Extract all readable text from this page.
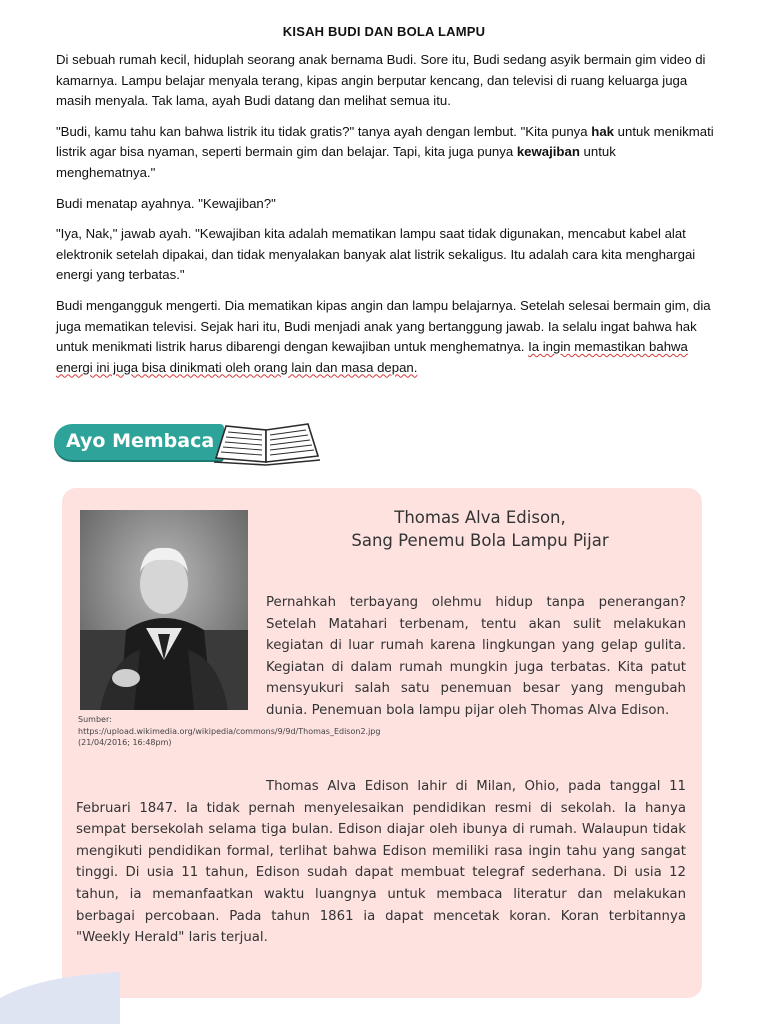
KISAH BUDI DAN BOLA LAMPU

Di sebuah rumah kecil, hiduplah seorang anak bernama Budi. Sore itu, Budi sedang asyik bermain gim video di kamarnya. Lampu belajar menyala terang, kipas angin berputar kencang, dan televisi di ruang keluarga juga masih menyala. Tak lama, ayah Budi datang dan melihat semua itu.

"Budi, kamu tahu kan bahwa listrik itu tidak gratis?" tanya ayah dengan lembut. "Kita punya hak untuk menikmati listrik agar bisa nyaman, seperti bermain gim dan belajar. Tapi, kita juga punya kewajiban untuk menghematnya."

Budi menatap ayahnya. "Kewajiban?"

"Iya, Nak," jawab ayah. "Kewajiban kita adalah mematikan lampu saat tidak digunakan, mencabut kabel alat elektronik setelah dipakai, dan tidak menyalakan banyak alat listrik sekaligus. Itu adalah cara kita menghargai energi yang terbatas."

Budi mengangguk mengerti. Dia mematikan kipas angin dan lampu belajarnya. Setelah selesai bermain gim, dia juga mematikan televisi. Sejak hari itu, Budi menjadi anak yang bertanggung jawab. Ia selalu ingat bahwa hak untuk menikmati listrik harus dibarengi dengan kewajiban untuk menghematnya. Ia ingin memastikan bahwa energi ini juga bisa dinikmati oleh orang lain dan masa depan.

Ayo Membaca
Sumber: https://upload.wikimedia.org/wikipedia/commons/9/9d/Thomas_Edison2.jpg (21/04/2016; 16:48pm)
Thomas Alva Edison,
Sang Penemu Bola Lampu Pijar
Pernahkah terbayang olehmu hidup tanpa penerangan? Setelah Matahari terbenam, tentu akan sulit melakukan kegiatan di luar rumah karena lingkungan yang gelap gulita. Kegiatan di dalam rumah mungkin juga terbatas. Kita patut mensyukuri salah satu penemuan besar yang mengubah dunia. Penemuan bola lampu pijar oleh Thomas Alva Edison.
Thomas Alva Edison lahir di Milan, Ohio, pada tanggal 11 Februari 1847. Ia tidak pernah menyelesaikan pendidikan resmi di sekolah. Ia hanya sempat bersekolah selama tiga bulan. Edison diajar oleh ibunya di rumah. Walaupun tidak mengikuti pendidikan formal, terlihat bahwa Edison memiliki rasa ingin tahu yang sangat tinggi. Di usia 11 tahun, Edison sudah dapat membuat telegraf sederhana. Di usia 12 tahun, ia memanfaatkan waktu luangnya untuk membaca literatur dan melakukan berbagai percobaan. Pada tahun 1861 ia dapat mencetak koran. Koran terbitannya "Weekly Herald" laris terjual.
